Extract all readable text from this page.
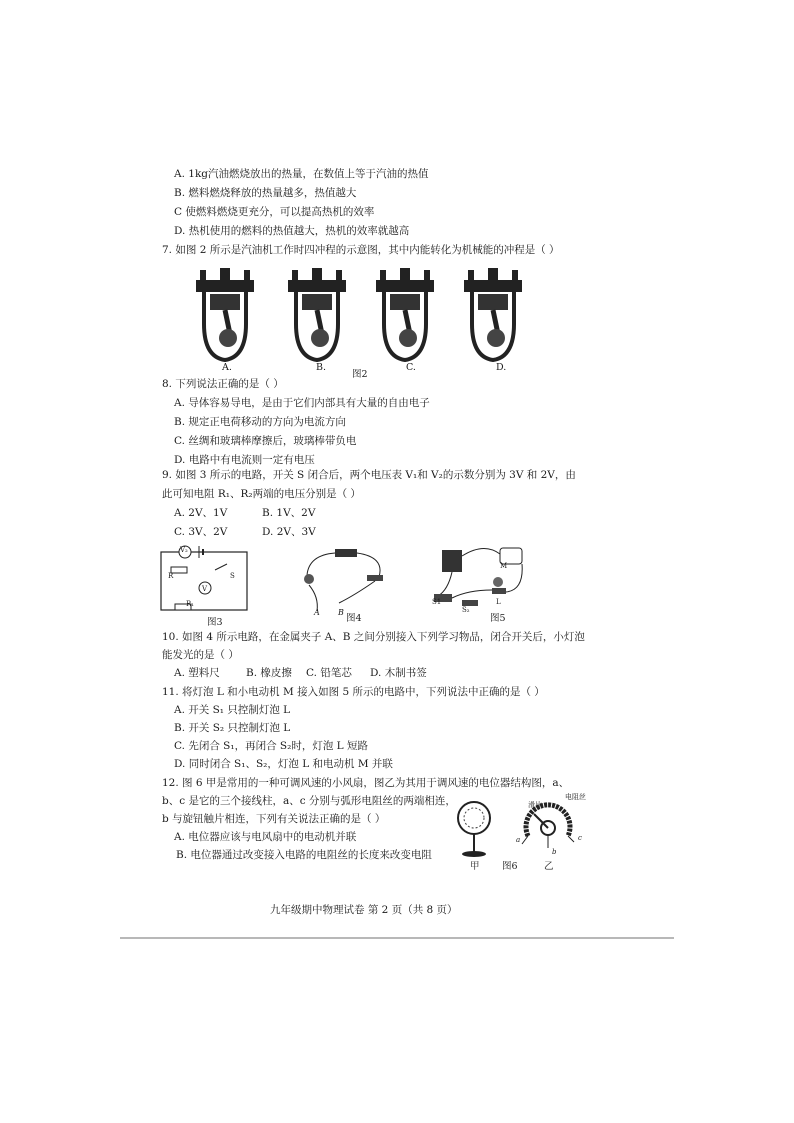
A. 1kg汽油燃烧放出的热量，在数值上等于汽油的热值
B. 燃料燃烧释放的热量越多，热值越大
C 使燃料燃烧更充分，可以提高热机的效率
D. 热机使用的燃料的热值越大，热机的效率就越高
7. 如图 2 所示是汽油机工作时四冲程的示意图，其中内能转化为机械能的冲程是（ ）
A.	B.
图2
C.	D.
8. 下列说法正确的是（ ）
A. 导体容易导电，是由于它们内部具有大量的自由电子
B. 规定正电荷移动的方向为电流方向
C. 丝绸和玻璃棒摩擦后，玻璃棒带负电
D. 电路中有电流则一定有电压
9. 如图 3 所示的电路，开关 S 闭合后，两个电压表 V₁和 V₂的示数分别为 3V 和 2V，由
此可知电阻 R₁、R₂两端的电压分别是（ ）
A. 2V、1V	B. 1V、2V
C. 3V、2V	D. 2V、3V
V₂
R	S
R₁
V
图3
A B
图4
M
L
S1
S₂
图5
10. 如图 4 所示电路，在金属夹子 A、B 之间分别接入下列学习物品，闭合开关后，小灯泡
能发光的是（ ）
A. 塑料尺 B. 橡皮擦 C. 铅笔芯 D. 木制书签
11. 将灯泡 L 和小电动机 M 接入如图 5 所示的电路中，下列说法中正确的是（ ）
A. 开关 S₁ 只控制灯泡 L
B. 开关 S₂ 只控制灯泡 L
C. 先闭合 S₁，再闭合 S₂时，灯泡 L 短路
D. 同时闭合 S₁、S₂，灯泡 L 和电动机 M 并联
12. 图 6 甲是常用的一种可调风速的小风扇，图乙为其用于调风速的电位器结构图，a、
b、c 是它的三个接线柱，a、c 分别与弧形电阻丝的两端相连，
b 与旋钮触片相连，下列有关说法正确的是（ ）
A. 电位器应该与电风扇中的电动机并联
B. 电位器通过改变接入电路的电阻丝的长度来改变电阻
滑片
电阻丝
a
b
c
甲 图6	乙
九年级期中物理试卷 第 2 页（共 8 页）
